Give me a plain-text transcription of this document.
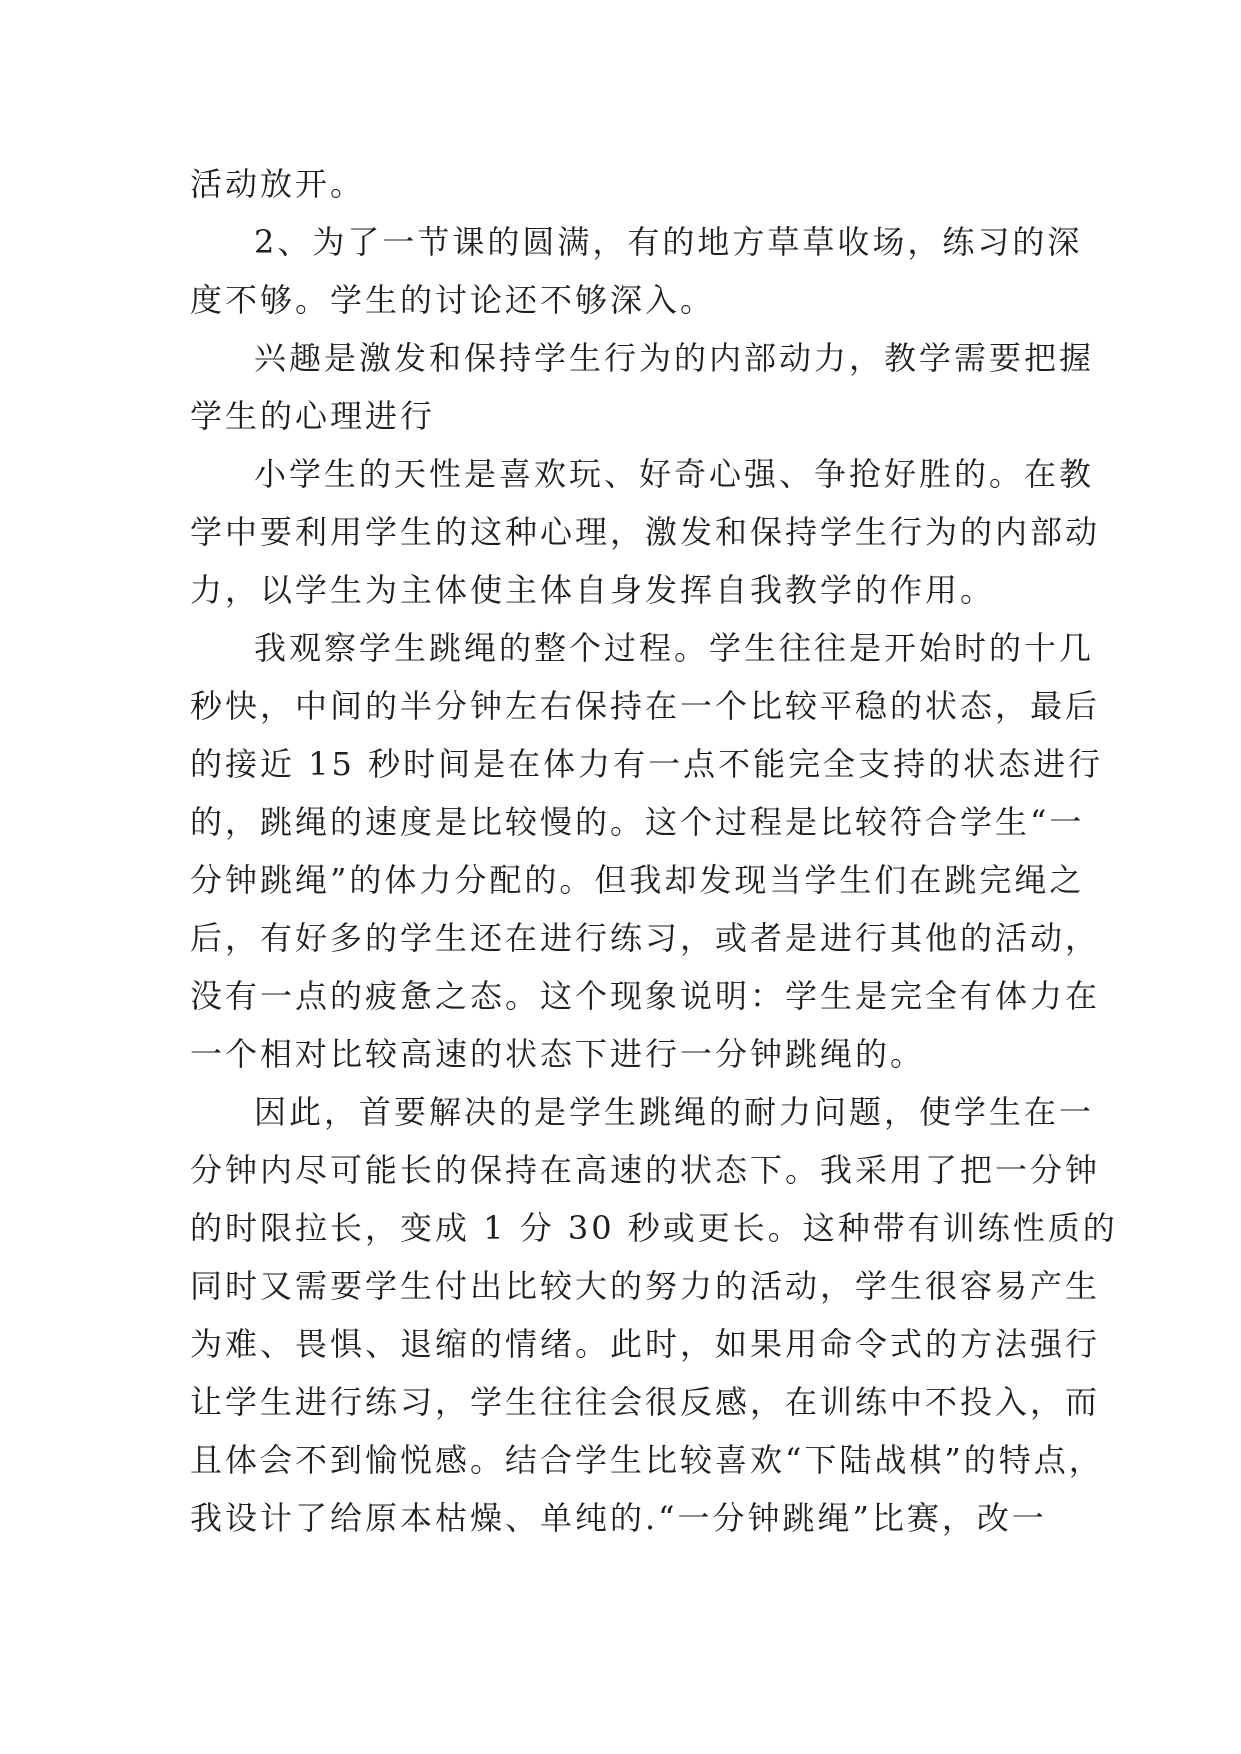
活动放开。
2、为了一节课的圆满，有的地方草草收场，练习的深
度不够。学生的讨论还不够深入。
兴趣是激发和保持学生行为的内部动力，教学需要把握
学生的心理进行
小学生的天性是喜欢玩、好奇心强、争抢好胜的。在教
学中要利用学生的这种心理，激发和保持学生行为的内部动
力，以学生为主体使主体自身发挥自我教学的作用。
我观察学生跳绳的整个过程。学生往往是开始时的十几
秒快，中间的半分钟左右保持在一个比较平稳的状态，最后
的接近 15 秒时间是在体力有一点不能完全支持的状态进行
的，跳绳的速度是比较慢的。这个过程是比较符合学生“一
分钟跳绳”的体力分配的。但我却发现当学生们在跳完绳之
后，有好多的学生还在进行练习，或者是进行其他的活动，
没有一点的疲惫之态。这个现象说明：学生是完全有体力在
一个相对比较高速的状态下进行一分钟跳绳的。
因此，首要解决的是学生跳绳的耐力问题，使学生在一
分钟内尽可能长的保持在高速的状态下。我采用了把一分钟
的时限拉长，变成 1 分 30 秒或更长。这种带有训练性质的
同时又需要学生付出比较大的努力的活动，学生很容易产生
为难、畏惧、退缩的情绪。此时，如果用命令式的方法强行
让学生进行练习，学生往往会很反感，在训练中不投入，而
且体会不到愉悦感。结合学生比较喜欢“下陆战棋”的特点，
我设计了给原本枯燥、单纯的.“一分钟跳绳”比赛，改一
